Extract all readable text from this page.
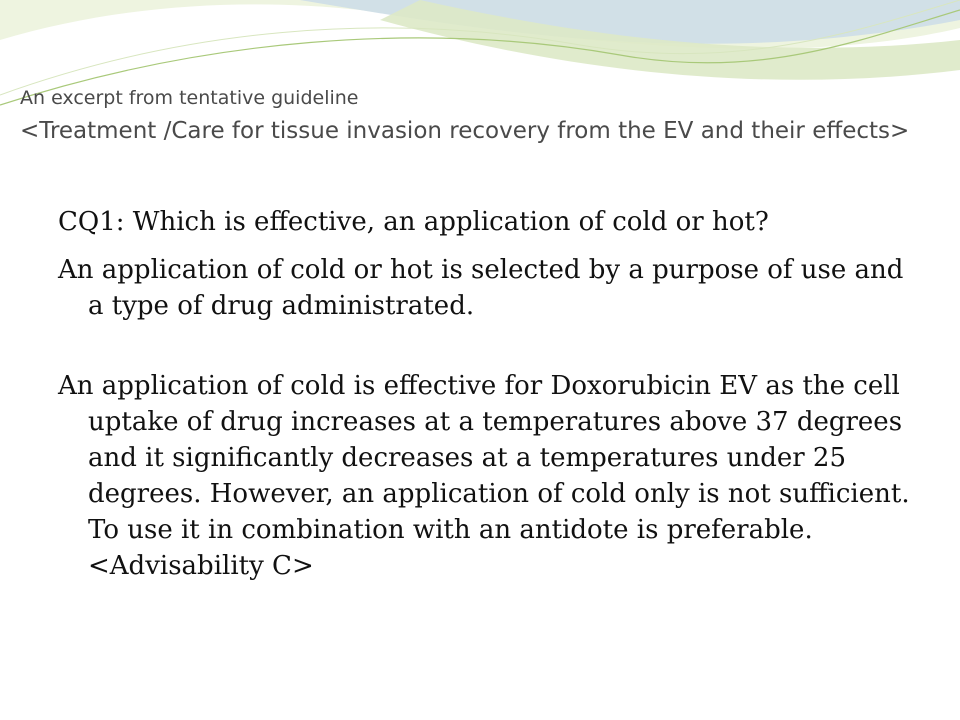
An excerpt from tentative guideline
<Treatment /Care for tissue invasion recovery from the EV and their effects>
CQ1: Which is effective, an application of cold or hot?
An application of cold or hot is selected by a purpose of use and a type of drug administrated.
An application of cold is effective for Doxorubicin EV as the cell uptake of drug increases at a temperatures above 37 degrees and it significantly decreases at a temperatures under 25 degrees. However, an application of cold only is not sufficient. To use it in combination with an antidote is preferable.
<Advisability C>
